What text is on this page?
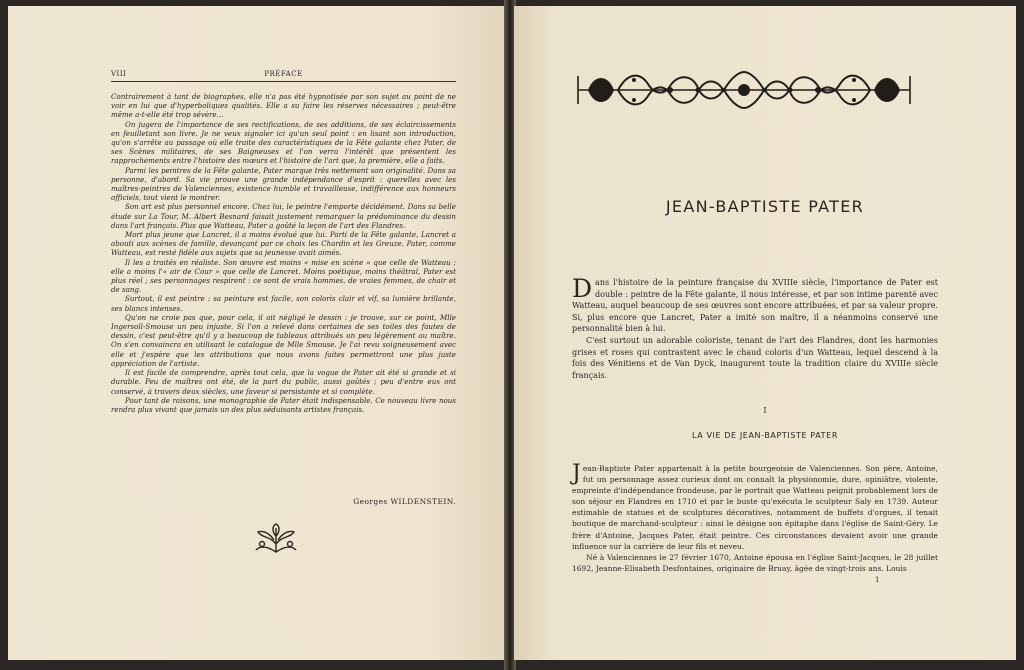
VIII	PRÉFACE

Contrairement à tant de biographes, elle n'a pas été hypnotisée par son sujet au point de ne voir en lui que d'hyperboliques qualités. Elle a su faire les réserves nécessaires ; peut-être même a-t-elle été trop sévère...

On jugera de l'importance de ses rectifications, de ses additions, de ses éclaircissements en feuilletant son livre. Je ne veux signaler ici qu'un seul point : en lisant son introduction, qu'on s'arrête au passage où elle traite des caractéristiques de la Fête galante chez Pater, de ses Scènes militaires, de ses Baigneuses et l'on verra l'intérêt que présentent les rapprochements entre l'histoire des mœurs et l'histoire de l'art que, la première, elle a faits.

Parmi les peintres de la Fête galante, Pater marque très nettement son originalité. Dans sa personne, d'abord. Sa vie prouve une grande indépendance d'esprit : querelles avec les maîtres-peintres de Valenciennes, existence humble et travailleuse, indifférence aux honneurs officiels, tout vient le montrer.

Son art est plus personnel encore. Chez lui, le peintre l'emporte décidément. Dans sa belle étude sur La Tour, M. Albert Besnard faisait justement remarquer la prédominance du dessin dans l'art français. Plus que Watteau, Pater a goûté la leçon de l'art des Flandres.

Mort plus jeune que Lancret, il a moins évolué que lui. Parti de la Fête galante, Lancret a abouti aux scènes de famille, devançant par ce choix les Chardin et les Greuze. Pater, comme Watteau, est resté fidèle aux sujets que sa jeunesse avait aimés.

Il les a traités en réaliste. Son œuvre est moins « mise en scène » que celle de Watteau ; elle a moins l'« air de Cour » que celle de Lancret. Moins poétique, moins théâtral, Pater est plus réel ; ses personnages respirent : ce sont de vrais hommes, de vraies femmes, de chair et de sang.

Surtout, il est peintre : sa peinture est facile, son coloris clair et vif, sa lumière brillante, ses blancs intenses.

Qu'on ne croie pas que, pour cela, il ait négligé le dessin : je trouve, sur ce point, Mlle Ingersoll-Smouse un peu injuste. Si l'on a relevé dans certaines de ses toiles des fautes de dessin, c'est peut-être qu'il y a beaucoup de tableaux attribués un peu légèrement au maître. On s'en convaincra en utilisant le catalogue de Mlle Smouse. Je l'ai revu soigneusement avec elle et j'espère que les attributions que nous avons faites permettront une plus juste appréciation de l'artiste.

Il est facile de comprendre, après tout cela, que la vogue de Pater ait été si grande et si durable. Peu de maîtres ont été, de la part du public, aussi goûtés ; peu d'entre eux ont conservé, à travers deux siècles, une faveur si persistante et si complète.

Pour tant de raisons, une monographie de Pater était indispensable. Ce nouveau livre nous rendra plus vivant que jamais un des plus séduisants artistes français.

Georges WILDENSTEIN.
JEAN-BAPTISTE PATER

Dans l'histoire de la peinture française du XVIIIe siècle, l'importance de Pater est double : peintre de la Fête galante, il nous intéresse, et par son intime parenté avec Watteau, auquel beaucoup de ses œuvres sont encore attribuées, et par sa valeur propre. Si, plus encore que Lancret, Pater a imité son maître, il a néanmoins conservé une personnalité bien à lui.

C'est surtout un adorable coloriste, tenant de l'art des Flandres, dont les harmonies grises et roses qui contrastent avec le chaud coloris d'un Watteau, lequel descend à la fois des Vénitiens et de Van Dyck, inaugurent toute la tradition claire du XVIIIe siècle français.

I
LA VIE DE JEAN-BAPTISTE PATER

Jean-Baptiste Pater appartenait à la petite bourgeoisie de Valenciennes. Son père, Antoine, fut un personnage assez curieux dont on connaît la physionomie, dure, opiniâtre, violente, empreinte d'indépendance frondeuse, par le portrait que Watteau peignit probablement lors de son séjour en Flandres en 1710 et par le buste qu'exécuta le sculpteur Saly en 1739. Auteur estimable de statues et de sculptures décoratives, notamment de buffets d'orgues, il tenait boutique de marchand-sculpteur : ainsi le désigne son épitaphe dans l'église de Saint-Géry. Le frère d'Antoine, Jacques Pater, était peintre. Ces circonstances devaient avoir une grande influence sur la carrière de leur fils et neveu.

Né à Valenciennes le 27 février 1670, Antoine épousa en l'église Saint-Jacques, le 28 juillet 1692, Jeanne-Elisabeth Desfontaines, originaire de Bruay, âgée de vingt-trois ans. Louis

1
